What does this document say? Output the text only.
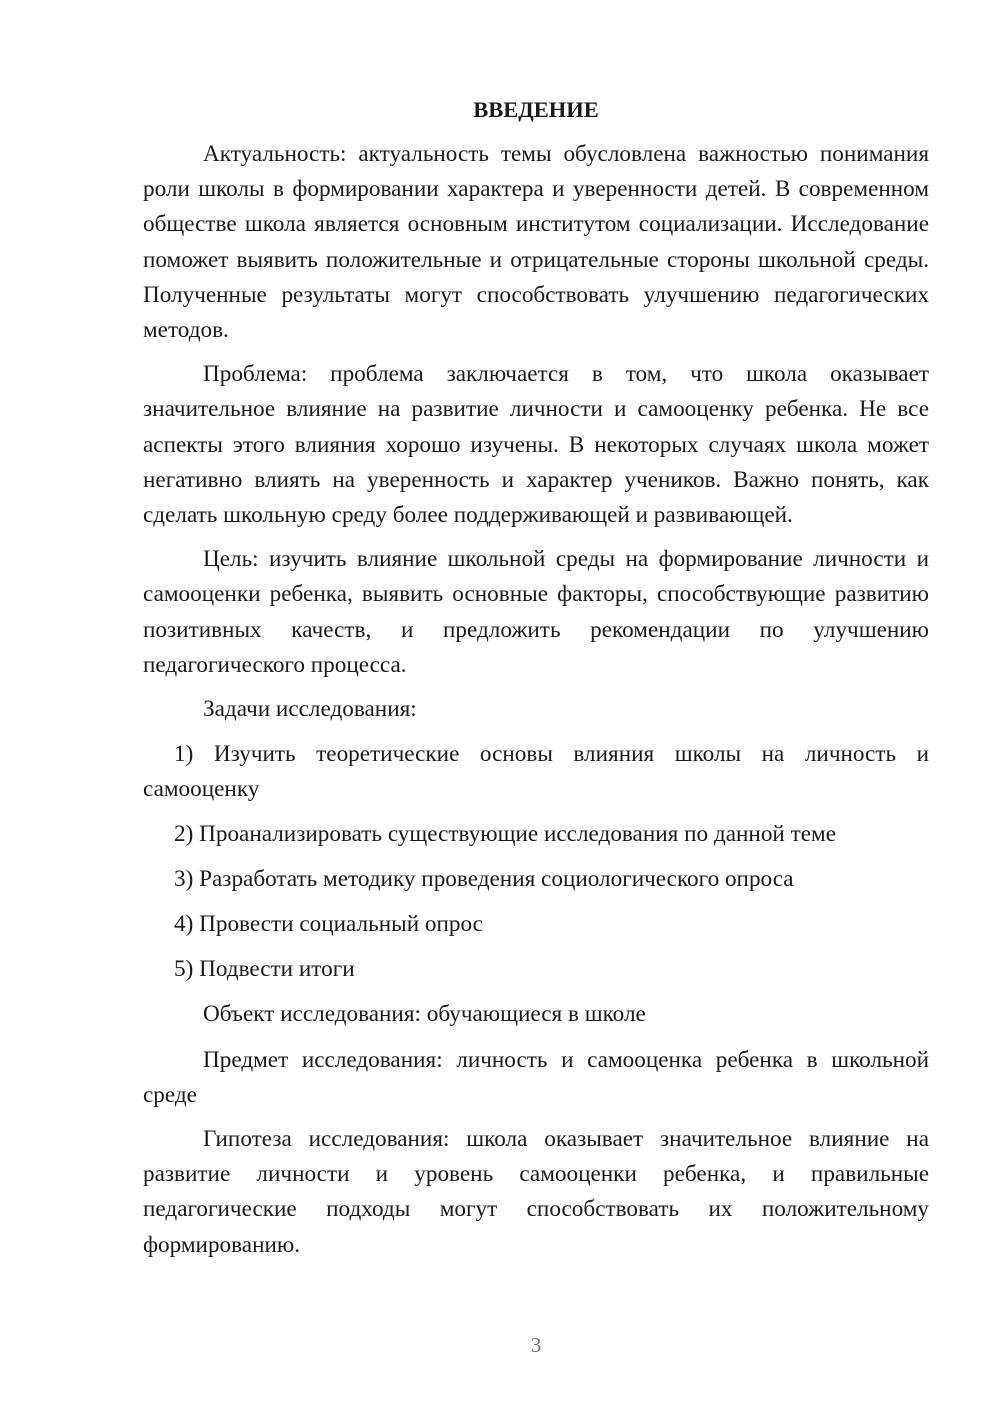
ВВЕДЕНИЕ

Актуальность: актуальность темы обусловлена важностью понимания роли школы в формировании характера и уверенности детей. В современном обществе школа является основным институтом социализации. Исследование поможет выявить положительные и отрицательные стороны школьной среды. Полученные результаты могут способствовать улучшению педагогических методов.

Проблема: проблема заключается в том, что школа оказывает значительное влияние на развитие личности и самооценку ребенка. Не все аспекты этого влияния хорошо изучены. В некоторых случаях школа может негативно влиять на уверенность и характер учеников. Важно понять, как сделать школьную среду более поддерживающей и развивающей.

Цель: изучить влияние школьной среды на формирование личности и самооценки ребенка, выявить основные факторы, способствующие развитию позитивных качеств, и предложить рекомендации по улучшению педагогического процесса.

Задачи исследования:

1) Изучить теоретические основы влияния школы на личность и самооценку

2) Проанализировать существующие исследования по данной теме

3) Разработать методику проведения социологического опроса

4) Провести социальный опрос

5) Подвести итоги

Объект исследования: обучающиеся в школе

Предмет исследования: личность и самооценка ребенка в школьной среде

Гипотеза исследования: школа оказывает значительное влияние на развитие личности и уровень самооценки ребенка, и правильные педагогические подходы могут способствовать их положительному формированию.

3
